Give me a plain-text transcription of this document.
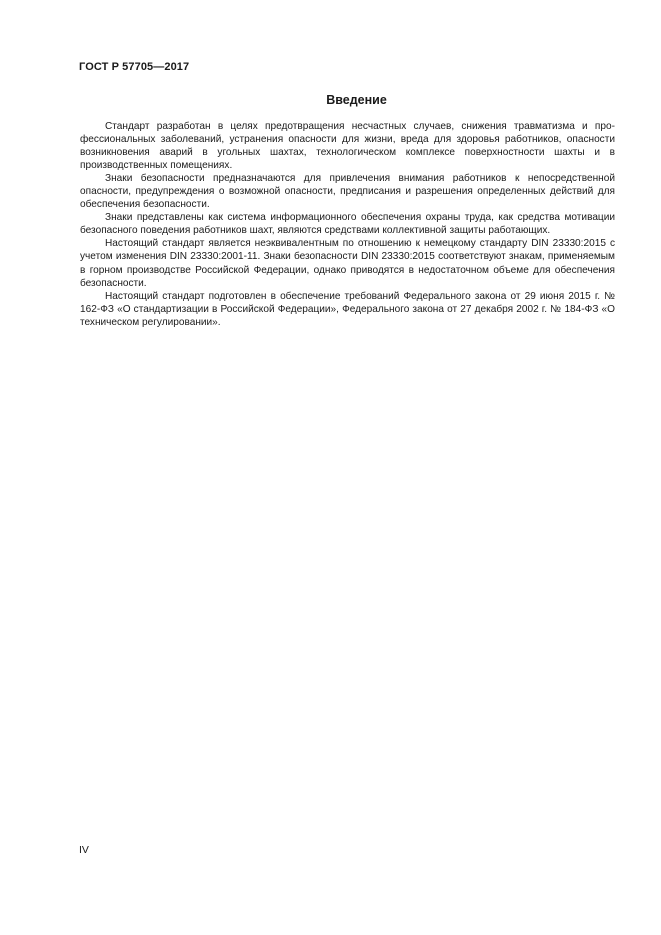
ГОСТ Р 57705—2017
Введение

Стандарт разработан в целях предотвращения несчастных случаев, снижения травматизма и профессиональных заболеваний, устранения опасности для жизни, вреда для здоровья работников, опасности возникновения аварий в угольных шахтах, технологическом комплексе поверхностности шахты и в производственных помещениях.

Знаки безопасности предназначаются для привлечения внимания работников к непосредственной опасности, предупреждения о возможной опасности, предписания и разрешения определенных действий для обеспечения безопасности.

Знаки представлены как система информационного обеспечения охраны труда, как средства мотивации безопасного поведения работников шахт, являются средствами коллективной защиты работающих.

Настоящий стандарт является неэквивалентным по отношению к немецкому стандарту DIN 23330:2015 с учетом изменения DIN 23330:2001-11. Знаки безопасности DIN 23330:2015 соответствуют знакам, применяемым в горном производстве Российской Федерации, однако приводятся в недостаточном объеме для обеспечения безопасности.

Настоящий стандарт подготовлен в обеспечение требований Федерального закона от 29 июня 2015 г. № 162-ФЗ «О стандартизации в Российской Федерации», Федерального закона от 27 декабря 2002 г. № 184-ФЗ «О техническом регулировании».

IV
